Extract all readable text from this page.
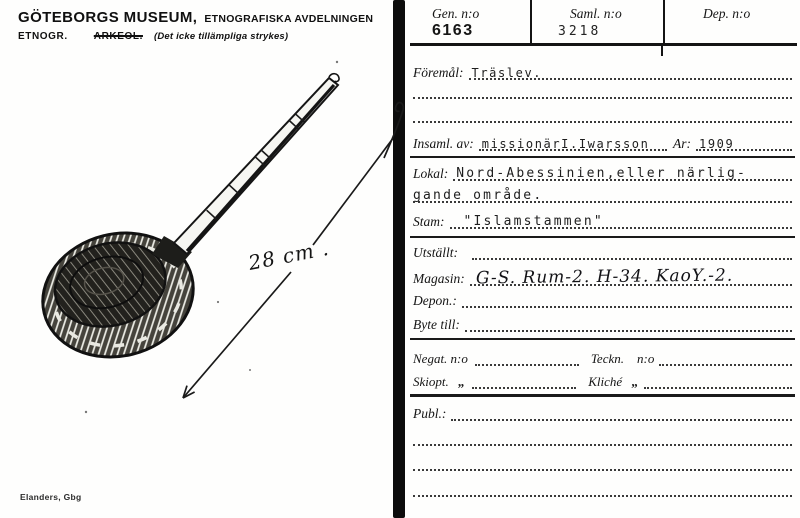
GÖTEBORGS MUSEUM, ETNOGRAFISKA AVDELNINGEN
ETNOGR.	ARKEOL. (Det icke tillämpliga strykes)
28 cm .
Elanders, Gbg
Gen. n:o
6163
Saml. n:o
3218
Dep. n:o
Föremål: Träslev.
Insaml. av: missionärI.Iwarsson	Ar: 1909
Lokal: Nord-Abessinien,eller närlig-
gande område.
Stam:	"Islamstammen"
Utställt:
Magasin: G-S. Rum-2. H-34. KaoY.-2.
Depon.:
Byte till:
Negat. n:o	Teckn.	n:o
Skiopt. „	Kliché „
Publ.:
